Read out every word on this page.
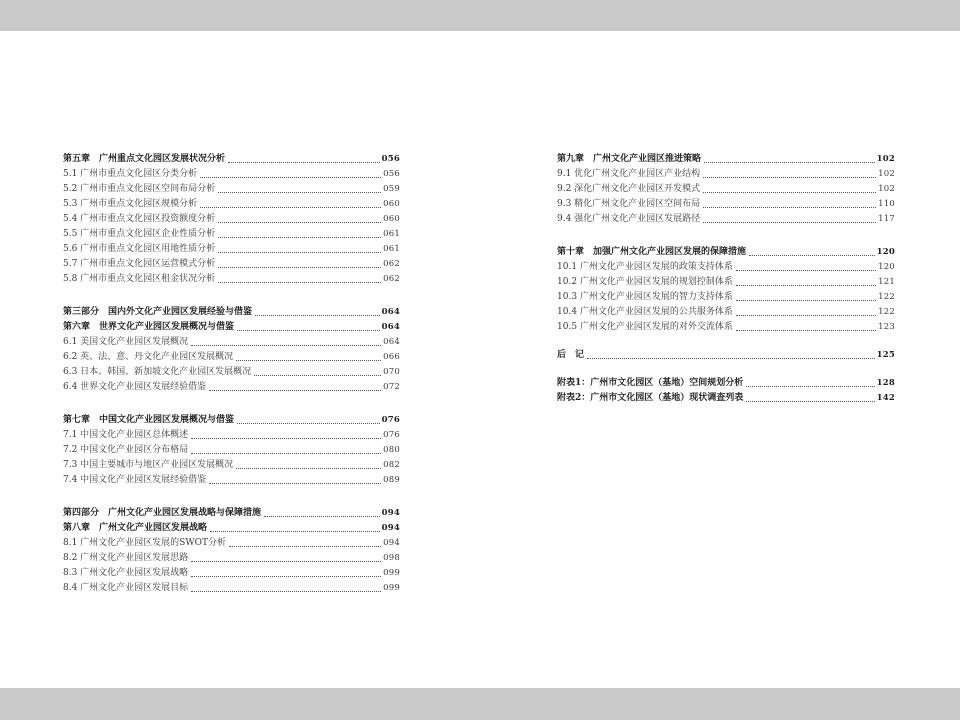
第五章　广州重点文化园区发展状况分析	056
5.1 广州市重点文化园区分类分析	056
5.2 广州市重点文化园区空间布局分析	059
5.3 广州市重点文化园区规模分析	060
5.4 广州市重点文化园区投资额度分析	060
5.5 广州市重点文化园区企业性质分析	061
5.6 广州市重点文化园区用地性质分析	061
5.7 广州市重点文化园区运营模式分析	062
5.8 广州市重点文化园区租金状况分析	062
第三部分　国内外文化产业园区发展经验与借鉴	064
第六章　世界文化产业园区发展概况与借鉴	064
6.1 美国文化产业园区发展概况	064
6.2 英、法、意、丹文化产业园区发展概况	066
6.3 日本、韩国、新加坡文化产业园区发展概况	070
6.4 世界文化产业园区发展经验借鉴	072
第七章　中国文化产业园区发展概况与借鉴	076
7.1 中国文化产业园区总体概述	076
7.2 中国文化产业园区分布格局	080
7.3 中国主要城市与地区产业园区发展概况	082
7.4 中国文化产业园区发展经验借鉴	089
第四部分　广州文化产业园区发展战略与保障措施	094
第八章　广州文化产业园区发展战略	094
8.1 广州文化产业园区发展的SWOT分析	094
8.2 广州文化产业园区发展思路	098
8.3 广州文化产业园区发展战略	099
8.4 广州文化产业园区发展目标	099
第九章　广州文化产业园区推进策略	102
9.1 优化广州文化产业园区产业结构	102
9.2 深化广州文化产业园区开发模式	102
9.3 精化广州文化产业园区空间布局	110
9.4 强化广州文化产业园区发展路径	117
第十章　加强广州文化产业园区发展的保障措施	120
10.1 广州文化产业园区发展的政策支持体系	120
10.2 广州文化产业园区发展的规划控制体系	121
10.3 广州文化产业园区发展的智力支持体系	122
10.4 广州文化产业园区发展的公共服务体系	122
10.5 广州文化产业园区发展的对外交流体系	123
后　记	125
附表1：广州市文化园区（基地）空间规划分析	128
附表2：广州市文化园区（基地）现状调查列表	142
